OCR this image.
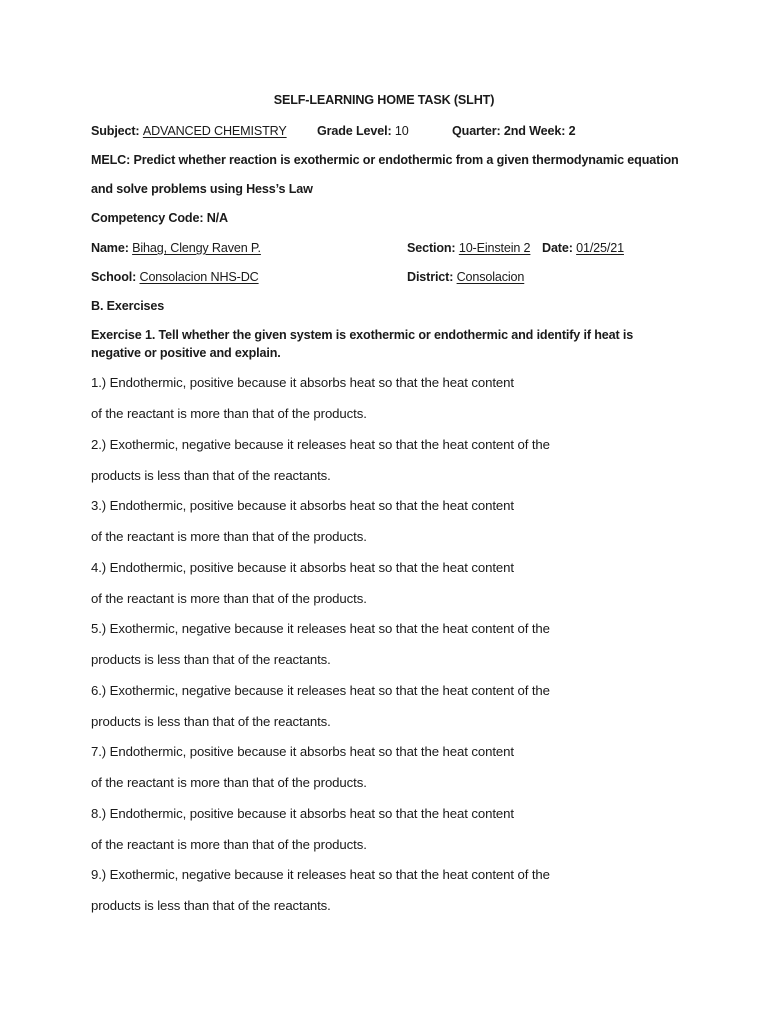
SELF-LEARNING HOME TASK (SLHT)
Subject: ADVANCED CHEMISTRY Grade Level: 10	Quarter: 2nd Week: 2
MELC: Predict whether reaction is exothermic or endothermic from a given thermodynamic equation
and solve problems using Hess’s Law
Competency Code: N/A
Name: Bihag, Clengy Raven P.	Section: 10-Einstein 2 Date: 01/25/21
School: Consolacion NHS-DC	District: Consolacion
B. Exercises
Exercise 1. Tell whether the given system is exothermic or endothermic and identify if heat is negative or positive and explain.
1.) Endothermic, positive because it absorbs heat so that the heat content
of the reactant is more than that of the products.
2.) Exothermic, negative because it releases heat so that the heat content of the
products is less than that of the reactants.
3.) Endothermic, positive because it absorbs heat so that the heat content
of the reactant is more than that of the products.
4.) Endothermic, positive because it absorbs heat so that the heat content
of the reactant is more than that of the products.
5.) Exothermic, negative because it releases heat so that the heat content of the
products is less than that of the reactants.
6.) Exothermic, negative because it releases heat so that the heat content of the
products is less than that of the reactants.
7.) Endothermic, positive because it absorbs heat so that the heat content
of the reactant is more than that of the products.
8.) Endothermic, positive because it absorbs heat so that the heat content
of the reactant is more than that of the products.
9.) Exothermic, negative because it releases heat so that the heat content of the
products is less than that of the reactants.
